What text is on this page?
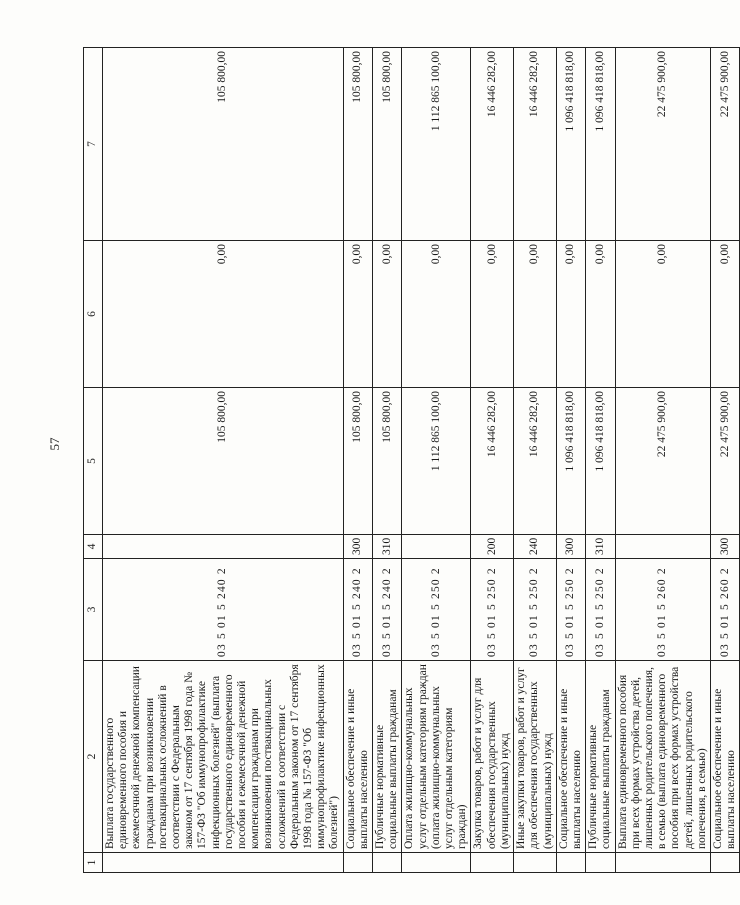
57
1	2	3	4	5	6	7
	Выплата государственного единовременного пособия и ежемесячной денежной компенсации гражданам при возникновении поствакцинальных осложнений в соответствии с Федеральным законом от 17 сентября 1998 года № 157-ФЗ "Об иммунопрофилактике инфекционных болезней" (выплата государственного единовременного пособия и ежемесячной денежной компенсации гражданам при возникновении поствакцинальных осложнений в соответствии с Федеральным законом от 17 сентября 1998 года № 157-ФЗ "Об иммунопрофилактике инфекционных болезней")	03 5 01 5 240 2		105 800,00	0,00	105 800,00
	Социальное обеспечение и иные выплаты населению	03 5 01 5 240 2	300	105 800,00	0,00	105 800,00
	Публичные нормативные социальные выплаты гражданам	03 5 01 5 240 2	310	105 800,00	0,00	105 800,00
	Оплата жилищно-коммунальных услуг отдельным категориям граждан (оплата жилищно-коммунальных услуг отдельным категориям граждан)	03 5 01 5 250 2		1 112 865 100,00	0,00	1 112 865 100,00
	Закупка товаров, работ и услуг для обеспечения государственных (муниципальных) нужд	03 5 01 5 250 2	200	16 446 282,00	0,00	16 446 282,00
	Иные закупки товаров, работ и услуг для обеспечения государственных (муниципальных) нужд	03 5 01 5 250 2	240	16 446 282,00	0,00	16 446 282,00
	Социальное обеспечение и иные выплаты населению	03 5 01 5 250 2	300	1 096 418 818,00	0,00	1 096 418 818,00
	Публичные нормативные социальные выплаты гражданам	03 5 01 5 250 2	310	1 096 418 818,00	0,00	1 096 418 818,00
	Выплата единовременного пособия при всех формах устройства детей, лишенных родительского попечения, в семью (выплата единовременного пособия при всех формах устройства детей, лишенных родительского попечения, в семью)	03 5 01 5 260 2		22 475 900,00	0,00	22 475 900,00
	Социальное обеспечение и иные выплаты населению	03 5 01 5 260 2	300	22 475 900,00	0,00	22 475 900,00
